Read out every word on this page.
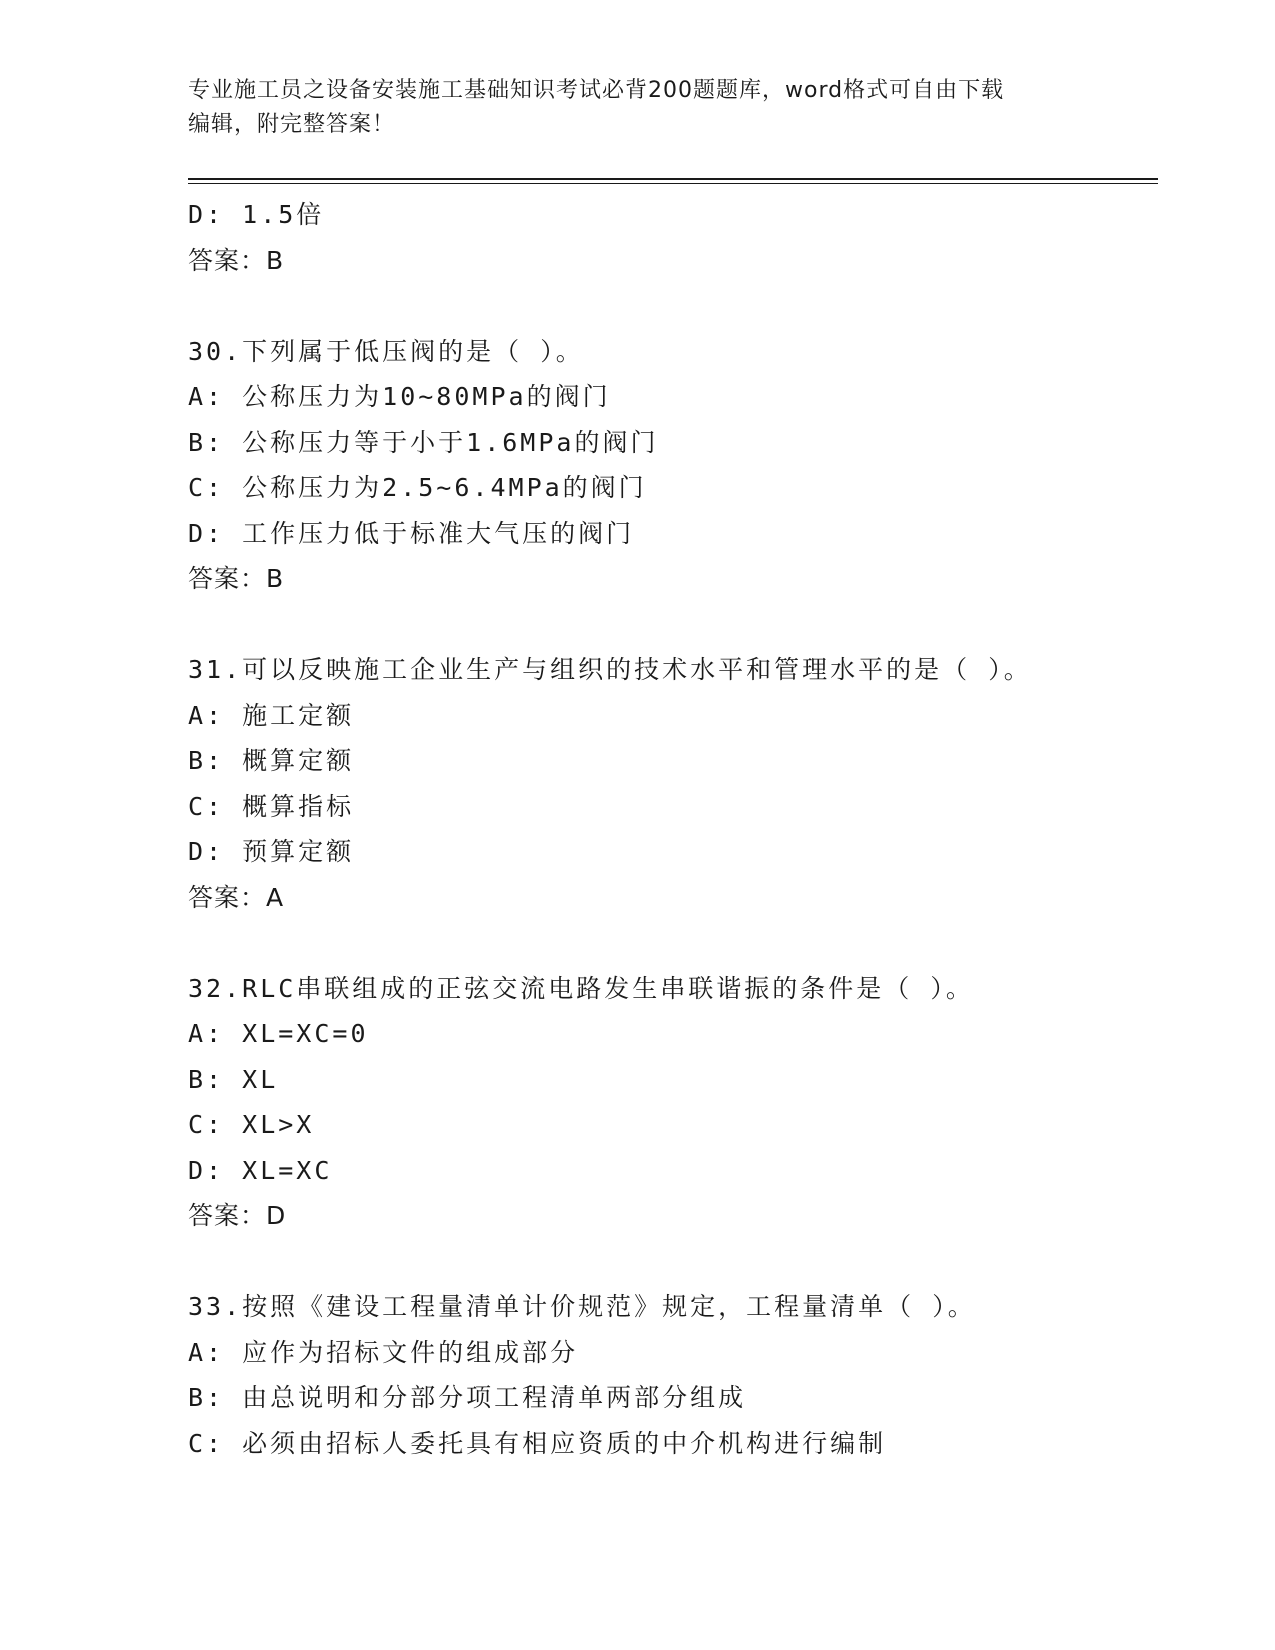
专业施工员之设备安装施工基础知识考试必背200题题库，word格式可自由下载
编辑，附完整答案！
D: 1.5倍
答案：B
30.下列属于低压阀的是（ ）。
A: 公称压力为10~80MPa的阀门
B: 公称压力等于小于1.6MPa的阀门
C: 公称压力为2.5~6.4MPa的阀门
D: 工作压力低于标准大气压的阀门
答案：B
31.可以反映施工企业生产与组织的技术水平和管理水平的是（ ）。
A: 施工定额
B: 概算定额
C: 概算指标
D: 预算定额
答案：A
32.RLC串联组成的正弦交流电路发生串联谐振的条件是（ ）。
A: XL=XC=0
B: XL
C: XL>X
D: XL=XC
答案：D
33.按照《建设工程量清单计价规范》规定，工程量清单（ ）。
A: 应作为招标文件的组成部分
B: 由总说明和分部分项工程清单两部分组成
C: 必须由招标人委托具有相应资质的中介机构进行编制
